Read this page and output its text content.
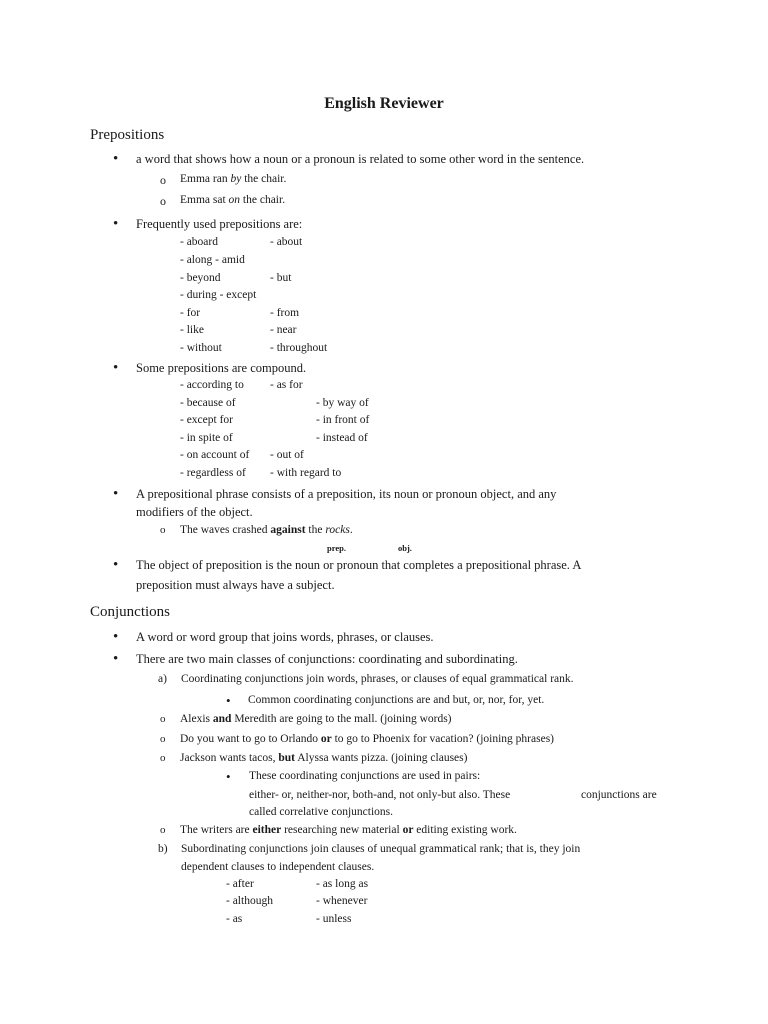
English Reviewer
Prepositions
• a word that shows how a noun or a pronoun is related to some other word in the sentence.
o Emma ran by the chair.
o Emma sat on the chair.
• Frequently used prepositions are:
- aboard	- about
- along - amid
- beyond	- but
- during - except
- for	- from
- like	- near
- without	- throughout
• Some prepositions are compound.
- according to - as for
- because of	- by way of
- except for	- in front of
- in spite of	- instead of
- on account of - out of
- regardless of - with regard to
• A prepositional phrase consists of a preposition, its noun or pronoun object, and any
modifiers of the object.
o The waves crashed against the rocks.
prep.	obj.
• The object of preposition is the noun or pronoun that completes a prepositional phrase. A
preposition must always have a subject.
Conjunctions
• A word or word group that joins words, phrases, or clauses.
• There are two main classes of conjunctions: coordinating and subordinating.
a) Coordinating conjunctions join words, phrases, or clauses of equal grammatical rank.
• Common coordinating conjunctions are and but, or, nor, for, yet.
o Alexis and Meredith are going to the mall. (joining words)
o Do you want to go to Orlando or to go to Phoenix for vacation? (joining phrases)
o Jackson wants tacos, but Alyssa wants pizza. (joining clauses)
• These coordinating conjunctions are used in pairs:
either- or, neither-nor, both-and, not only-but also. These	conjunctions are
called correlative conjunctions.
o The writers are either researching new material or editing existing work.
b) Subordinating conjunctions join clauses of unequal grammatical rank; that is, they join
dependent clauses to independent clauses.
- after	- as long as
- although	- whenever
- as	- unless
